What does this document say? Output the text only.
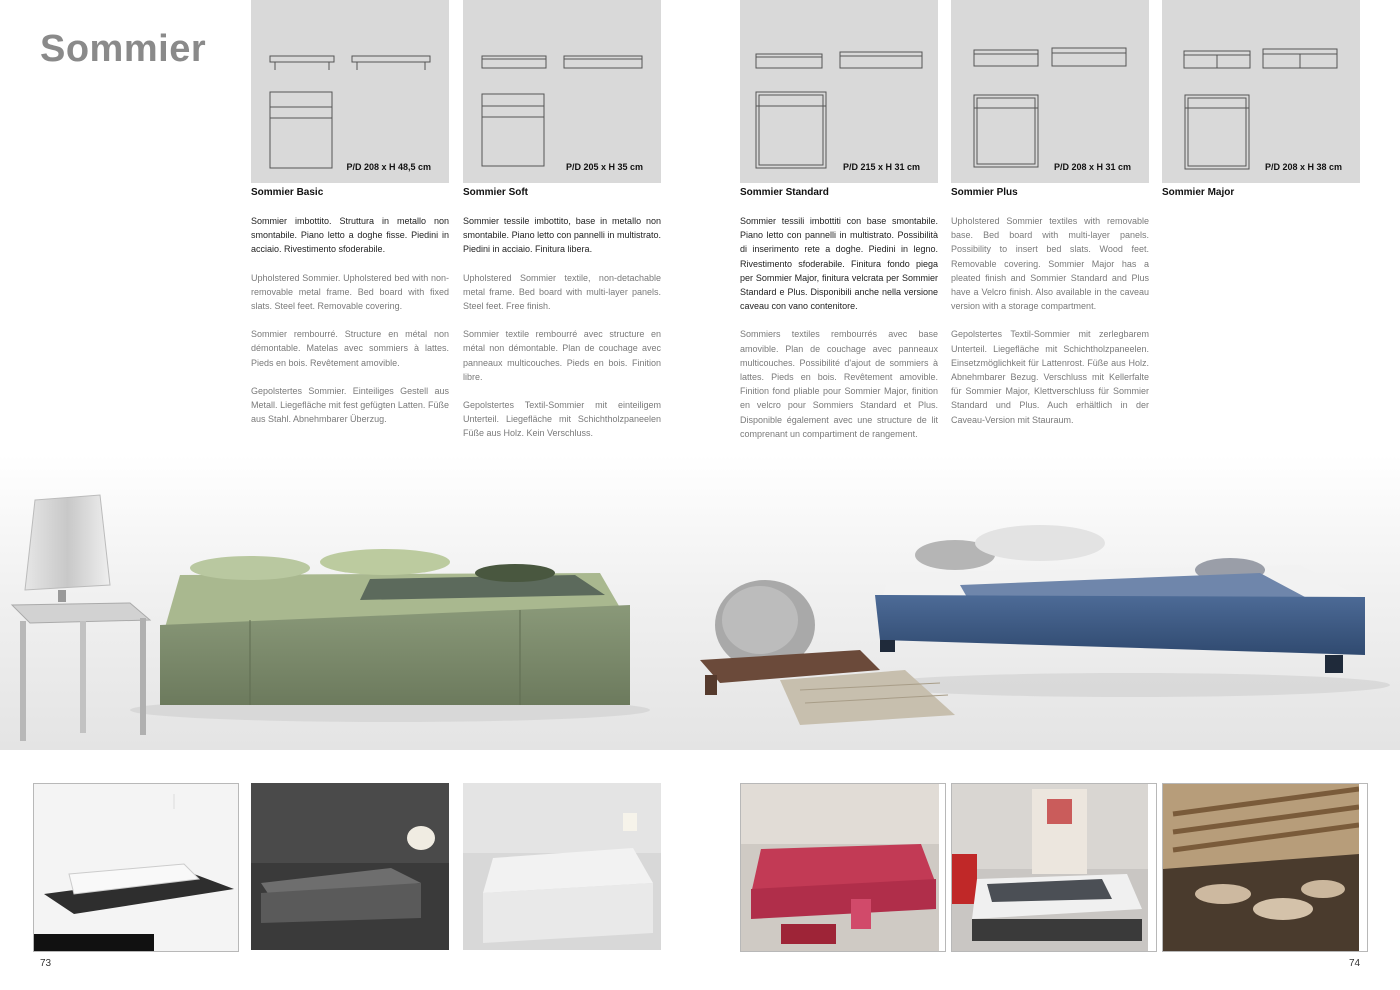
Sommier
P/D 208 x H 48,5 cm	P/D 205 x H 35 cm	P/D 215 x H 31 cm	P/D 208 x H 31 cm	P/D 208 x H 38 cm
Sommier Basic	Sommier Soft	Sommier Standard	Sommier Plus	Sommier Major

Sommier imbottito. Struttura in metallo non smontabile. Piano letto a doghe fisse. Piedini in acciaio. Rivestimento sfoderabile.

Upholstered Sommier. Upholstered bed with non-removable metal frame. Bed board with fixed slats. Steel feet. Removable covering.

Sommier rembourré. Structure en métal non démontable. Matelas avec sommiers à lattes. Pieds en bois. Revêtement amovible.

Gepolstertes Sommier. Einteiliges Gestell aus Metall. Liegefläche mit fest gefügten Latten. Füße aus Stahl. Abnehmbarer Überzug.

Sommier tessile imbottito, base in metallo non smontabile. Piano letto con pannelli in multistrato. Piedini in acciaio. Finitura libera.

Upholstered Sommier textile, non-detachable metal frame. Bed board with multi-layer panels. Steel feet. Free finish.

Sommier textile rembourré avec structure en métal non démontable. Plan de couchage avec panneaux multicouches. Pieds en bois. Finition libre.

Gepolstertes Textil-Sommier mit einteiligem Unterteil. Liegefläche mit Schichtholzpaneelen Füße aus Holz. Kein Verschluss.

Sommier tessili imbottiti con base smontabile. Piano letto con pannelli in multistrato. Possibilità di inserimento rete a doghe. Piedini in legno. Rivestimento sfoderabile. Finitura fondo piega per Sommier Major, finitura velcrata per Sommier Standard e Plus. Disponibili anche nella versione caveau con vano contenitore.

Sommiers textiles rembourrés avec base amovible. Plan de couchage avec panneaux multicouches. Possibilité d'ajout de sommiers à lattes. Pieds en bois. Revêtement amovible. Finition fond pliable pour Sommier Major, finition en velcro pour Sommiers Standard et Plus. Disponible également avec une structure de lit comprenant un compartiment de rangement.

Upholstered Sommier textiles with removable base. Bed board with multi-layer panels. Possibility to insert bed slats. Wood feet. Removable covering. Sommier Major has a pleated finish and Sommier Standard and Plus have a Velcro finish. Also available in the caveau version with a storage compartment.

Gepolstertes Textil-Sommier mit zerlegbarem Unterteil. Liegefläche mit Schichtholzpaneelen. Einsetzmöglichkeit für Lattenrost. Füße aus Holz. Abnehmbarer Bezug. Verschluss mit Kellerfalte für Sommier Major, Klettverschluss für Sommier Standard und Plus. Auch erhältlich in der Caveau-Version mit Stauraum.

73	74
